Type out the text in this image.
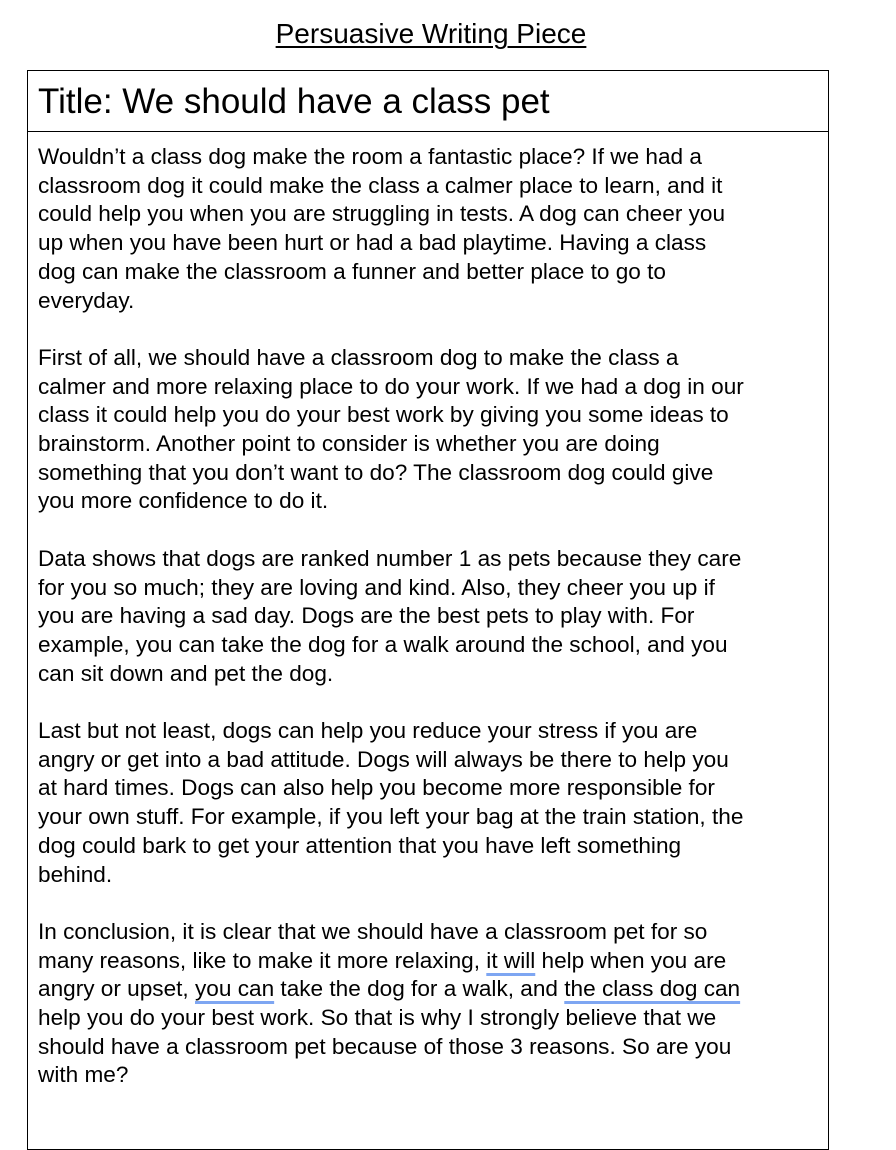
Persuasive Writing Piece
Title: We should have a class pet

Wouldn’t a class dog make the room a fantastic place? If we had a
classroom dog it could make the class a calmer place to learn, and it
could help you when you are struggling in tests. A dog can cheer you
up when you have been hurt or had a bad playtime. Having a class
dog can make the classroom a funner and better place to go to
everyday.

First of all, we should have a classroom dog to make the class a
calmer and more relaxing place to do your work. If we had a dog in our
class it could help you do your best work by giving you some ideas to
brainstorm. Another point to consider is whether you are doing
something that you don’t want to do? The classroom dog could give
you more confidence to do it.

Data shows that dogs are ranked number 1 as pets because they care
for you so much; they are loving and kind. Also, they cheer you up if
you are having a sad day. Dogs are the best pets to play with. For
example, you can take the dog for a walk around the school, and you
can sit down and pet the dog.

Last but not least, dogs can help you reduce your stress if you are
angry or get into a bad attitude. Dogs will always be there to help you
at hard times. Dogs can also help you become more responsible for
your own stuff. For example, if you left your bag at the train station, the
dog could bark to get your attention that you have left something
behind.

In conclusion, it is clear that we should have a classroom pet for so
many reasons, like to make it more relaxing, it will help when you are
angry or upset, you can take the dog for a walk, and the class dog can
help you do your best work. So that is why I strongly believe that we
should have a classroom pet because of those 3 reasons. So are you
with me?
